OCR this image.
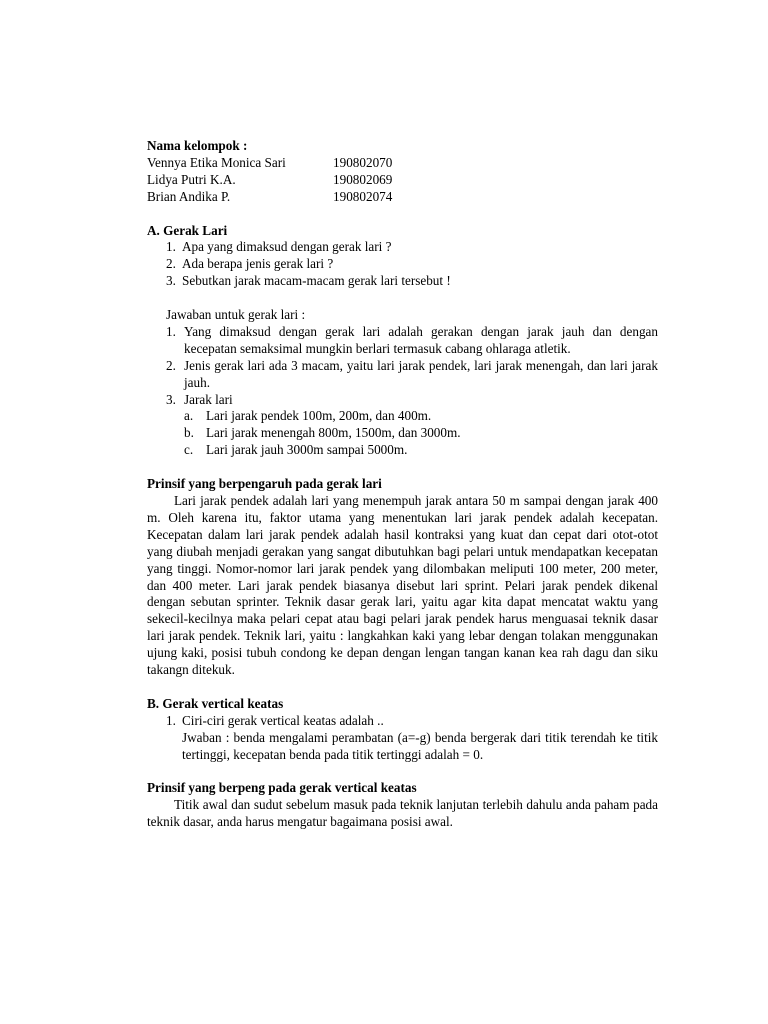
Nama kelompok :

Vennya Etika Monica Sari	190802070
Lidya Putri K.A.	190802069
Brian Andika P.	190802074

A. Gerak Lari

1. Apa yang dimaksud dengan gerak lari ?
2. Ada berapa jenis gerak lari ?
3. Sebutkan jarak macam-macam gerak lari tersebut !

Jawaban untuk gerak lari :

1. Yang dimaksud dengan gerak lari adalah gerakan dengan jarak jauh dan dengan kecepatan semaksimal mungkin berlari termasuk cabang ohlaraga atletik.
2. Jenis gerak lari ada 3 macam, yaitu lari jarak pendek, lari jarak menengah, dan lari jarak jauh.
3. Jarak lari
a. Lari jarak pendek 100m, 200m, dan 400m.
b. Lari jarak menengah 800m, 1500m, dan 3000m.
c. Lari jarak jauh 3000m sampai 5000m.

Prinsif yang berpengaruh pada gerak lari

Lari jarak pendek adalah lari yang menempuh jarak antara 50 m sampai dengan jarak 400 m. Oleh karena itu, faktor utama yang menentukan lari jarak pendek adalah kecepatan. Kecepatan dalam lari jarak pendek adalah hasil kontraksi yang kuat dan cepat dari otot-otot yang diubah menjadi gerakan yang sangat dibutuhkan bagi pelari untuk mendapatkan kecepatan yang tinggi. Nomor-nomor lari jarak pendek yang dilombakan meliputi 100 meter, 200 meter, dan 400 meter. Lari jarak pendek biasanya disebut lari sprint. Pelari jarak pendek dikenal dengan sebutan sprinter. Teknik dasar gerak lari, yaitu agar kita dapat mencatat waktu yang sekecil-kecilnya maka pelari cepat atau bagi pelari jarak pendek harus menguasai teknik dasar lari jarak pendek. Teknik lari, yaitu : langkahkan kaki yang lebar dengan tolakan menggunakan ujung kaki, posisi tubuh condong ke depan dengan lengan tangan kanan kea rah dagu dan siku takangn ditekuk.

B. Gerak vertical keatas

1. Ciri-ciri gerak vertical keatas adalah ..
Jwaban : benda mengalami perambatan (a=-g) benda bergerak dari titik terendah ke titik tertinggi, kecepatan benda pada titik tertinggi adalah = 0.

Prinsif yang berpeng pada gerak vertical keatas

Titik awal dan sudut sebelum masuk pada teknik lanjutan terlebih dahulu anda paham pada teknik dasar, anda harus mengatur bagaimana posisi awal.
